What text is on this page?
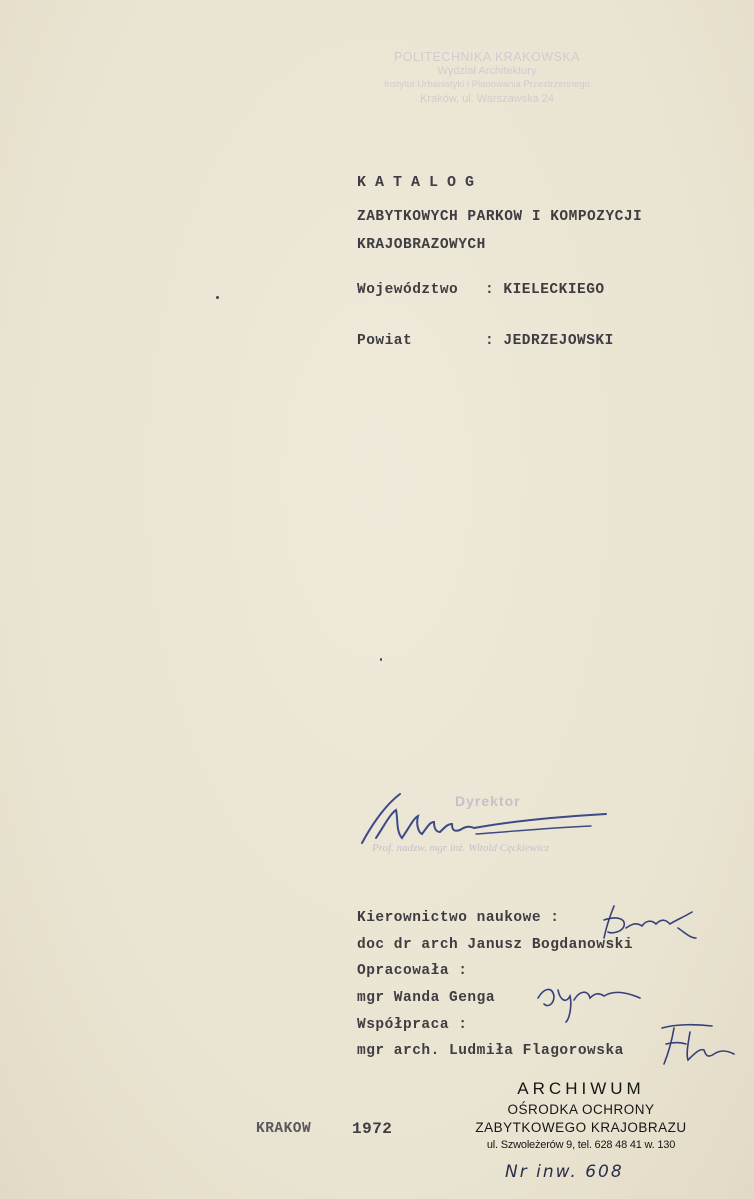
POLITECHNIKA KRAKOWSKA
Wydział Architektury
Instytut Urbanistyki i Planowania Przestrzennego
Kraków, ul. Warszawska 24
KATALOG
ZABYTKOWYCH PARKOW I KOMPOZYCJI
KRAJOBRAZOWYCH
Województwo : KIELECKIEGO
Powiat	: JEDRZEJOWSKI
Dyrektor
Prof. nadzw. mgr inż. Witold Cęckiewicz
Kierownictwo naukowe :
doc dr arch Janusz Bogdanowski
Opracowała :
mgr Wanda Genga
Współpraca :
mgr arch. Ludmiła Flagorowska
KRAKOW	1972
ARCHIWUM
OŚRODKA OCHRONY
ZABYTKOWEGO KRAJOBRAZU
ul. Szwoleżerów 9, tel. 628 48 41 w. 130
Nr inw. 608
